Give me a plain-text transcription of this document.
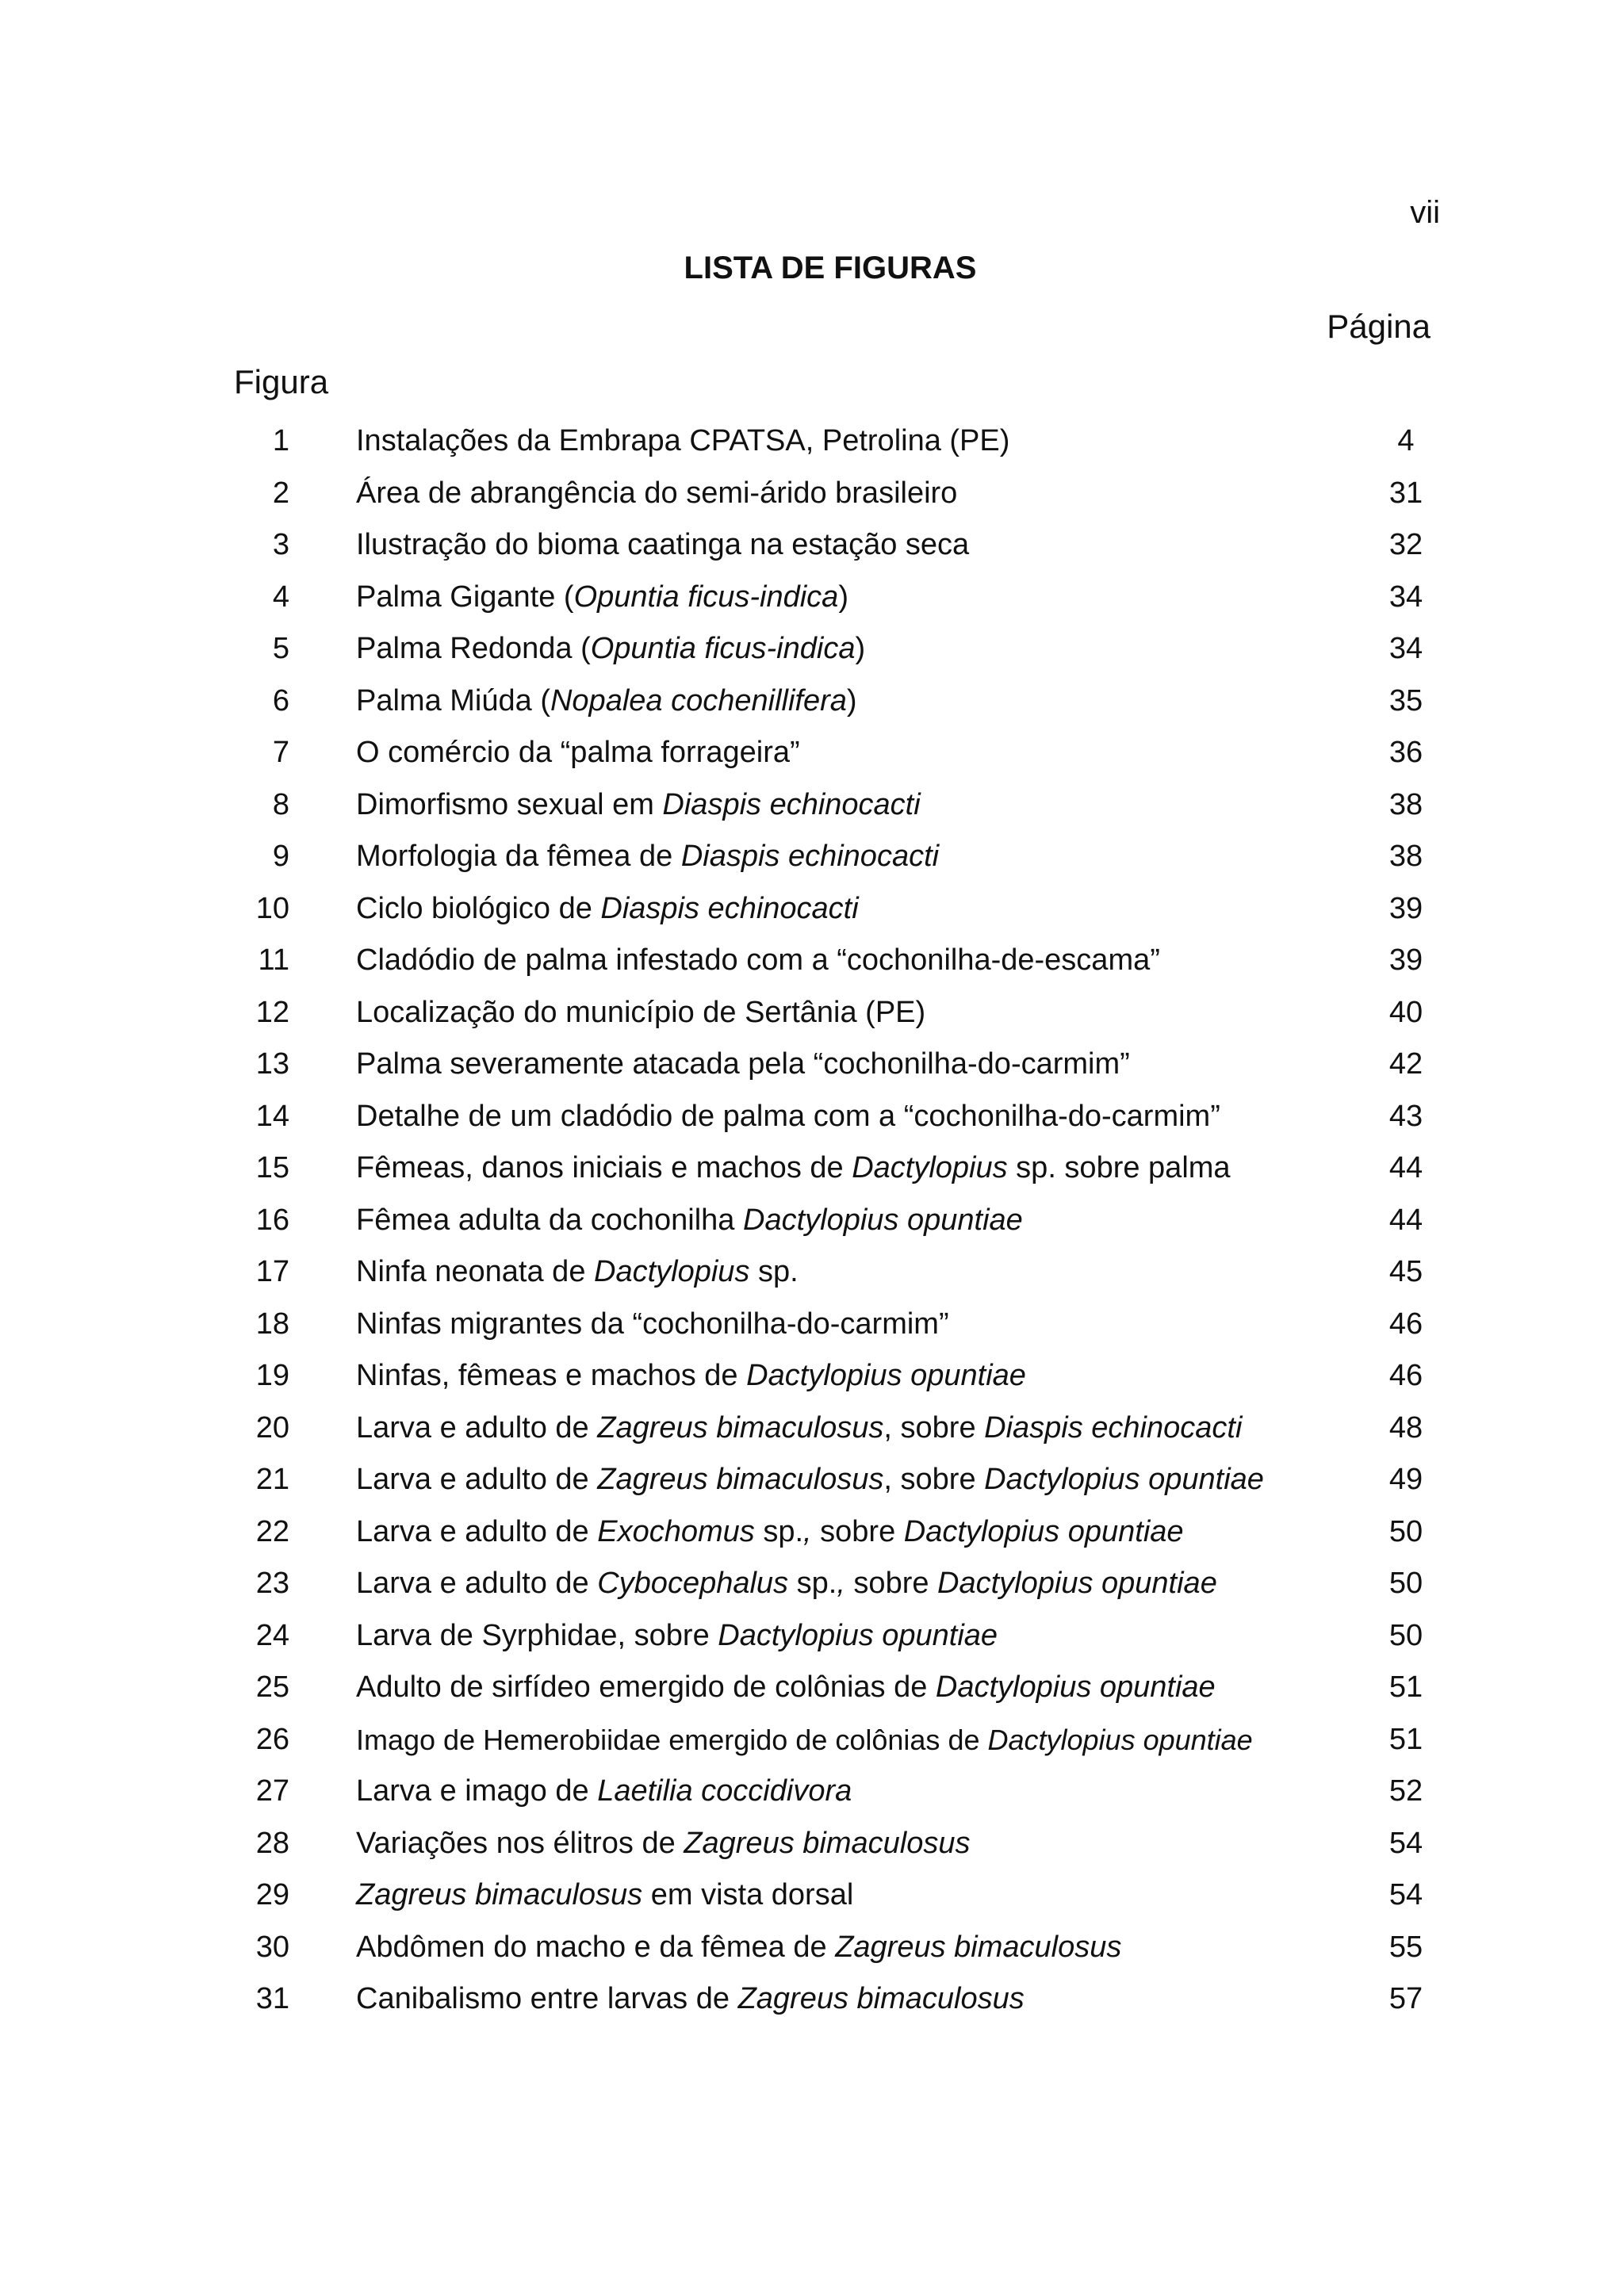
vii
LISTA DE FIGURAS
Página
Figura
1 Instalações da Embrapa CPATSA, Petrolina (PE)	4
2 Área de abrangência do semi-árido brasileiro	31
3 Ilustração do bioma caatinga na estação seca	32
4 Palma Gigante (Opuntia ficus-indica)	34
5 Palma Redonda (Opuntia ficus-indica)	34
6 Palma Miúda (Nopalea cochenillifera)	35
7 O comércio da “palma forrageira”	36
8 Dimorfismo sexual em Diaspis echinocacti	38
9 Morfologia da fêmea de Diaspis echinocacti	38
10 Ciclo biológico de Diaspis echinocacti	39
11 Cladódio de palma infestado com a “cochonilha-de-escama”	39
12 Localização do município de Sertânia (PE)	40
13 Palma severamente atacada pela “cochonilha-do-carmim”	42
14 Detalhe de um cladódio de palma com a “cochonilha-do-carmim”	43
15 Fêmeas, danos iniciais e machos de Dactylopius sp. sobre palma	44
16 Fêmea adulta da cochonilha Dactylopius opuntiae	44
17 Ninfa neonata de Dactylopius sp.	45
18 Ninfas migrantes da “cochonilha-do-carmim”	46
19 Ninfas, fêmeas e machos de Dactylopius opuntiae	46
20 Larva e adulto de Zagreus bimaculosus, sobre Diaspis echinocacti	48
21 Larva e adulto de Zagreus bimaculosus, sobre Dactylopius opuntiae	49
22 Larva e adulto de Exochomus sp., sobre Dactylopius opuntiae	50
23 Larva e adulto de Cybocephalus sp., sobre Dactylopius opuntiae	50
24 Larva de Syrphidae, sobre Dactylopius opuntiae	50
25 Adulto de sirfídeo emergido de colônias de Dactylopius opuntiae	51
26 Imago de Hemerobiidae emergido de colônias de Dactylopius opuntiae	51
27 Larva e imago de Laetilia coccidivora	52
28 Variações nos élitros de Zagreus bimaculosus	54
29 Zagreus bimaculosus em vista dorsal	54
30 Abdômen do macho e da fêmea de Zagreus bimaculosus	55
31 Canibalismo entre larvas de Zagreus bimaculosus	57
